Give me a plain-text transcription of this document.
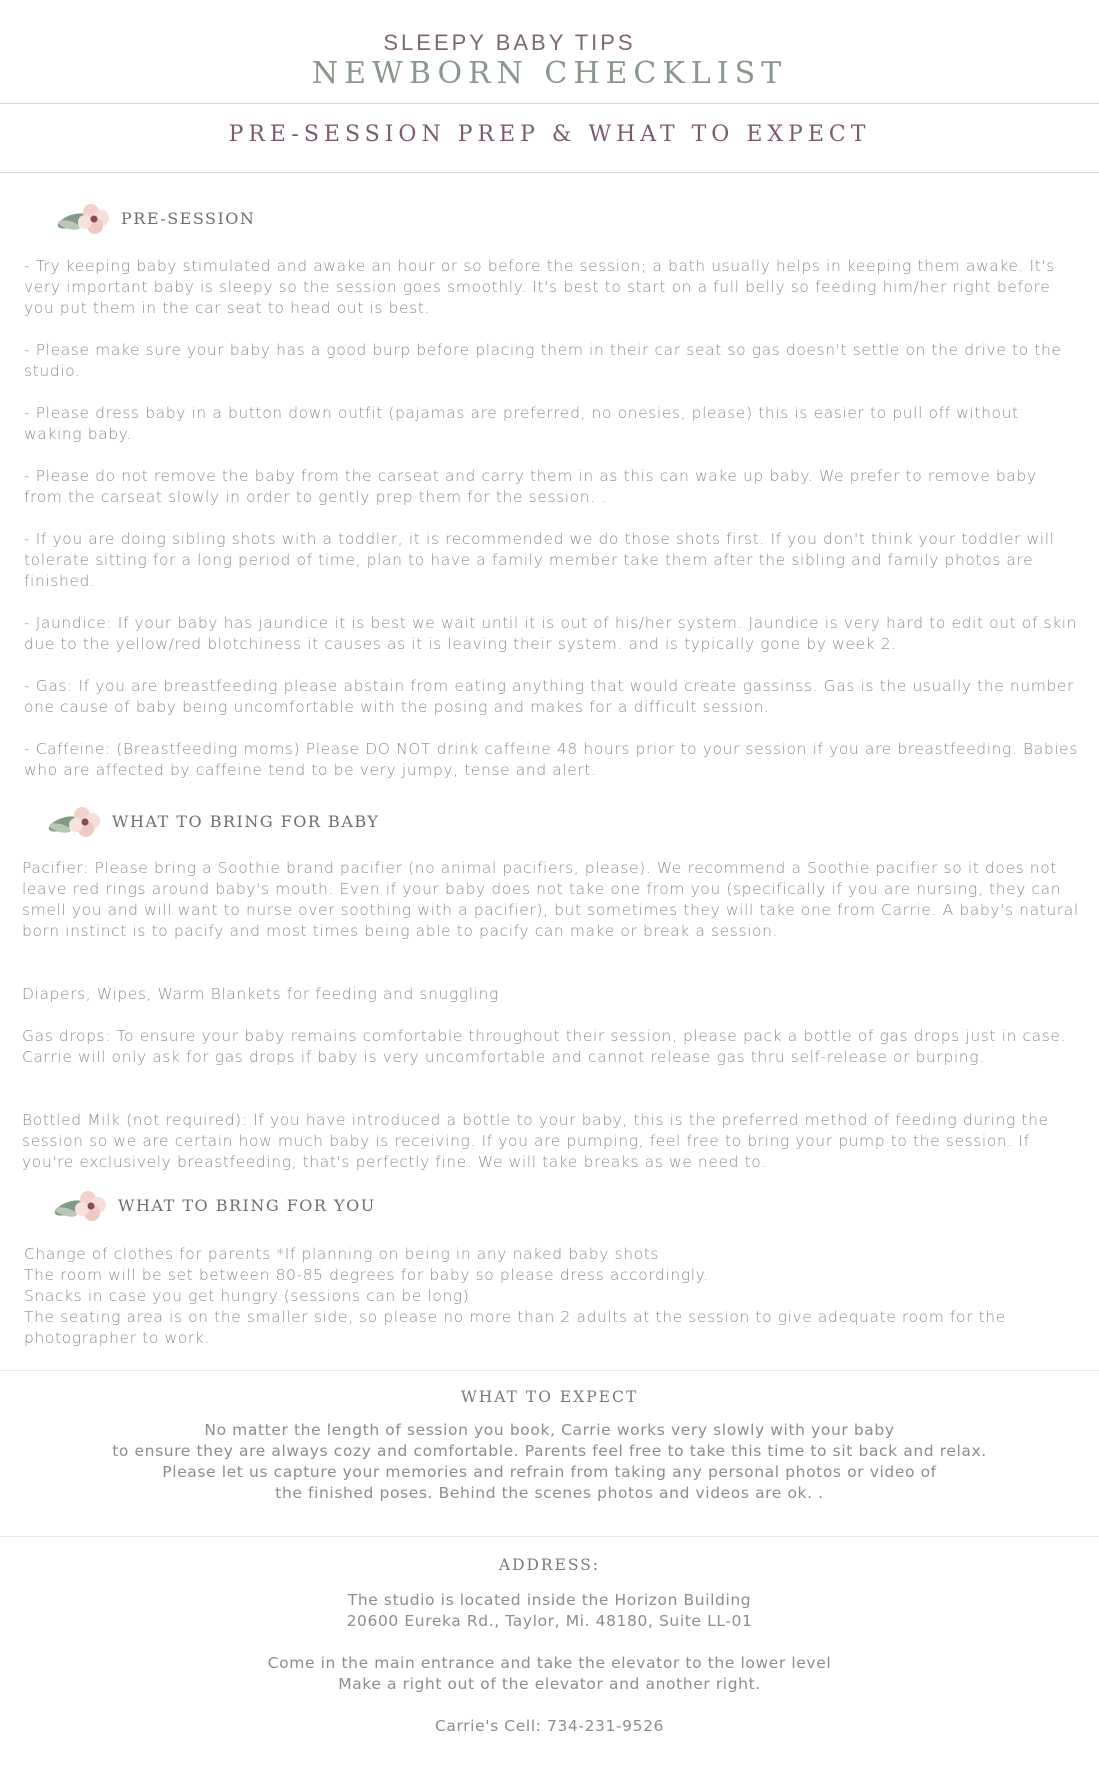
SLEEPY BABY TIPS
NEWBORN CHECKLIST
PRE-SESSION PREP & WHAT TO EXPECT
PRE-SESSION

- Try keeping baby stimulated and awake an hour or so before the session; a bath usually helps in keeping them awake. It's very important baby is sleepy so the session goes smoothly. It's best to start on a full belly so feeding him/her right before you put them in the car seat to head out is best.

- Please make sure your baby has a good burp before placing them in their car seat so gas doesn't settle on the drive to the studio.

- Please dress baby in a button down outfit (pajamas are preferred, no onesies, please) this is easier to pull off without waking baby.

- Please do not remove the baby from the carseat and carry them in as this can wake up baby. We prefer to remove baby from the carseat slowly in order to gently prep them for the session. .

- If you are doing sibling shots with a toddler, it is recommended we do those shots first. If you don't think your toddler will tolerate sitting for a long period of time, plan to have a family member take them after the sibling and family photos are finished.

- Jaundice: If your baby has jaundice it is best we wait until it is out of his/her system. Jaundice is very hard to edit out of skin due to the yellow/red blotchiness it causes as it is leaving their system. and is typically gone by week 2.

- Gas: If you are breastfeeding please abstain from eating anything that would create gassinss. Gas is the usually the number one cause of baby being uncomfortable with the posing and makes for a difficult session.

- Caffeine: (Breastfeeding moms) Please DO NOT drink caffeine 48 hours prior to your session if you are breastfeeding. Babies who are affected by caffeine tend to be very jumpy, tense and alert.

WHAT TO BRING FOR BABY

Pacifier: Please bring a Soothie brand pacifier (no animal pacifiers, please). We recommend a Soothie pacifier so it does not leave red rings around baby's mouth. Even if your baby does not take one from you (specifically if you are nursing, they can smell you and will want to nurse over soothing with a pacifier), but sometimes they will take one from Carrie. A baby's natural born instinct is to pacify and most times being able to pacify can make or break a session.

Diapers, Wipes, Warm Blankets for feeding and snuggling

Gas drops: To ensure your baby remains comfortable throughout their session, please pack a bottle of gas drops just in case. Carrie will only ask for gas drops if baby is very uncomfortable and cannot release gas thru self-release or burping.

Bottled Milk (not required): If you have introduced a bottle to your baby, this is the preferred method of feeding during the session so we are certain how much baby is receiving. If you are pumping, feel free to bring your pump to the session. If you're exclusively breastfeeding, that's perfectly fine. We will take breaks as we need to.

WHAT TO BRING FOR YOU

Change of clothes for parents *If planning on being in any naked baby shots

The room will be set between 80-85 degrees for baby so please dress accordingly.

Snacks in case you get hungry (sessions can be long)

The seating area is on the smaller side, so please no more than 2 adults at the session to give adequate room for the photographer to work.

WHAT TO EXPECT
No matter the length of session you book, Carrie works very slowly with your baby
to ensure they are always cozy and comfortable. Parents feel free to take this time to sit back and relax.
Please let us capture your memories and refrain from taking any personal photos or video of
the finished poses. Behind the scenes photos and videos are ok. .
ADDRESS:
The studio is located inside the Horizon Building
20600 Eureka Rd., Taylor, Mi. 48180, Suite LL-01
Come in the main entrance and take the elevator to the lower level
Make a right out of the elevator and another right.
Carrie's Cell: 734-231-9526
